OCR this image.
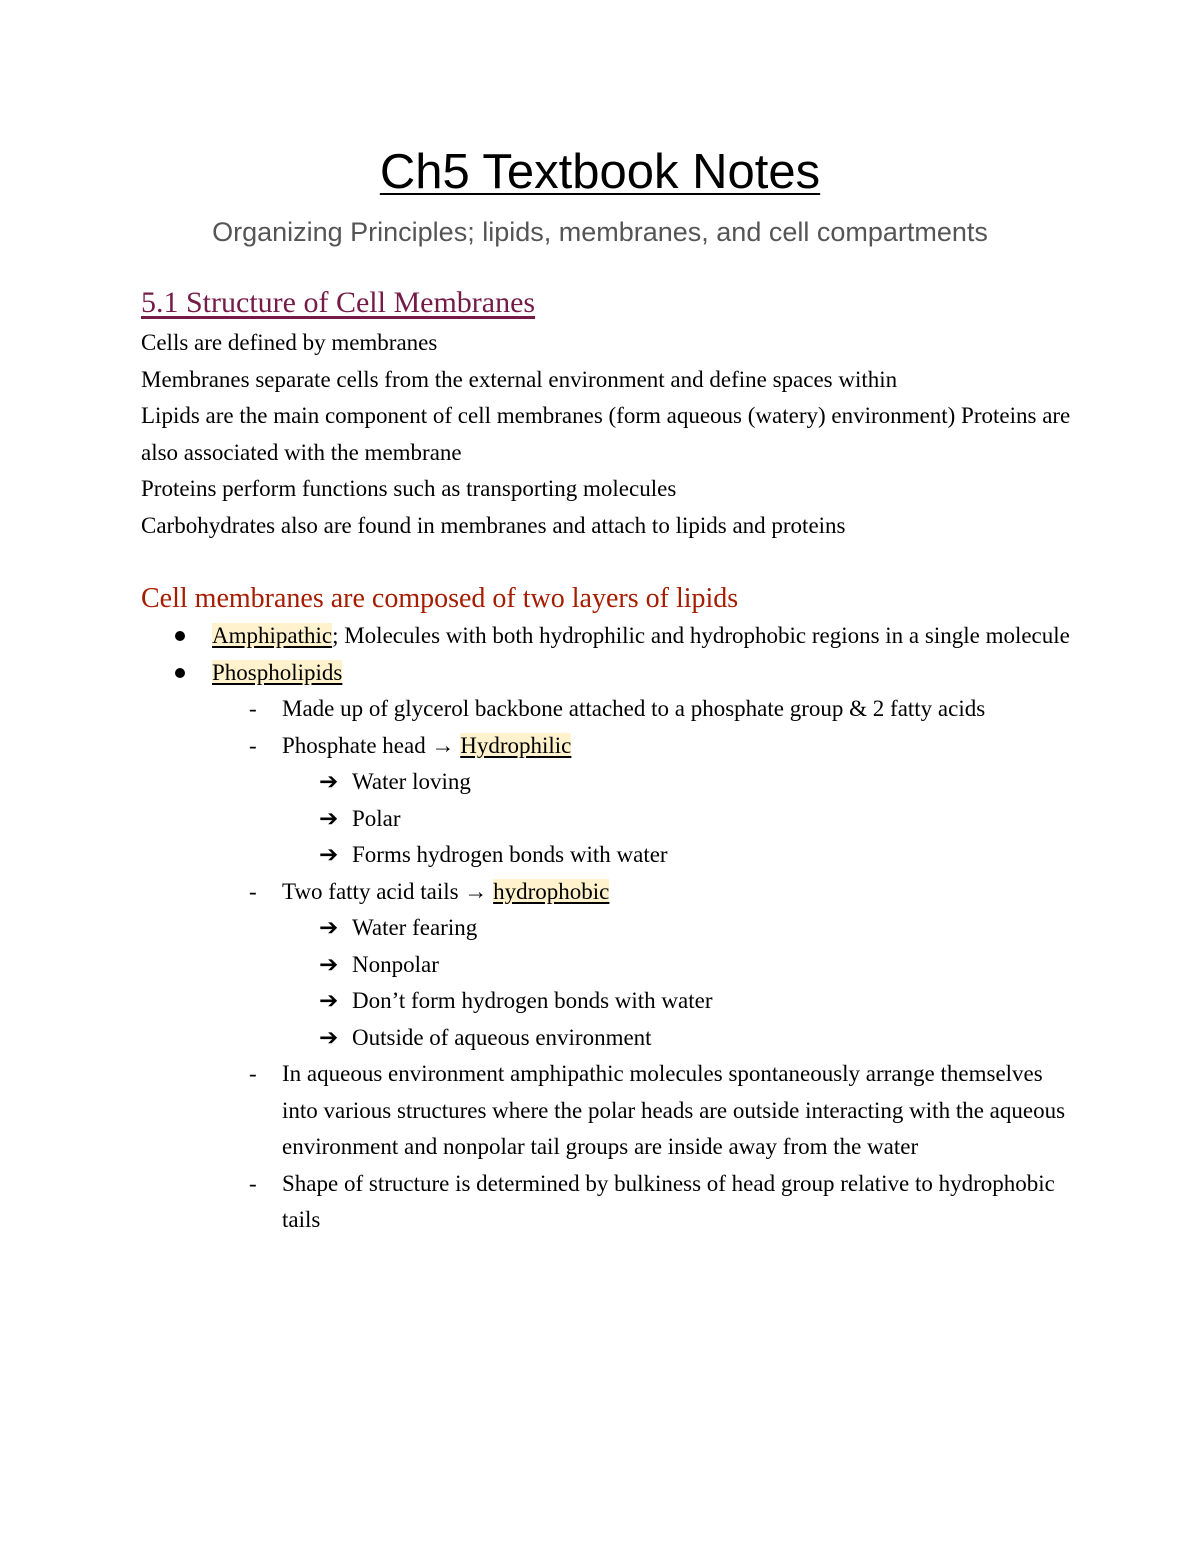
Ch5 Textbook Notes
Organizing Principles; lipids, membranes, and cell compartments
5.1 Structure of Cell Membranes

Cells are defined by membranes

Membranes separate cells from the external environment and define spaces within

Lipids are the main component of cell membranes (form aqueous (watery) environment) Proteins are also associated with the membrane

Proteins perform functions such as transporting molecules

Carbohydrates also are found in membranes and attach to lipids and proteins

Cell membranes are composed of two layers of lipids
Amphipathic; Molecules with both hydrophilic and hydrophobic regions in a single molecule
Phospholipids
- Made up of glycerol backbone attached to a phosphate group & 2 fatty acids
- Phosphate head → Hydrophilic
➔ Water loving
➔ Polar
➔ Forms hydrogen bonds with water
- Two fatty acid tails → hydrophobic
➔ Water fearing
➔ Nonpolar
➔ Don’t form hydrogen bonds with water
➔ Outside of aqueous environment
- In aqueous environment amphipathic molecules spontaneously arrange themselves into various structures where the polar heads are outside interacting with the aqueous environment and nonpolar tail groups are inside away from the water
- Shape of structure is determined by bulkiness of head group relative to hydrophobic tails
